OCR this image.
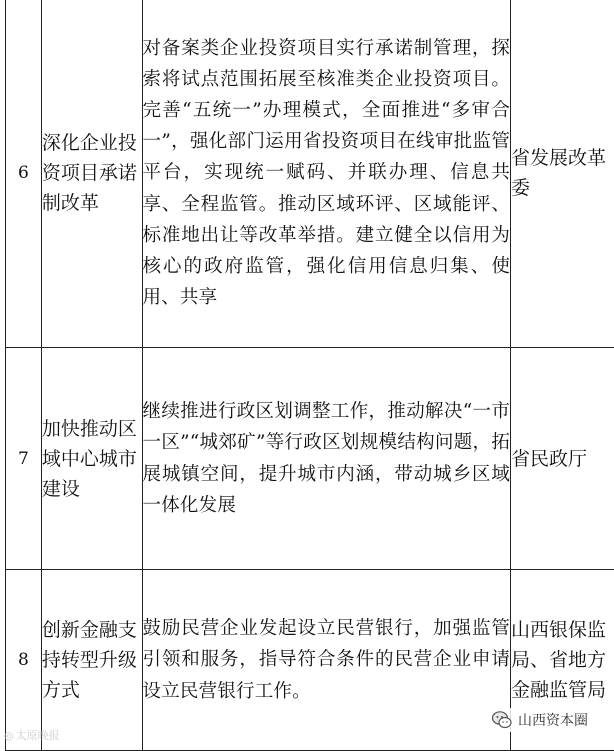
6	深化企业投资项目承诺制改革	对备案类企业投资项目实行承诺制管理，探索将试点范围拓展至核准类企业投资项目。完善“五统一”办理模式，全面推进“多审合一”，强化部门运用省投资项目在线审批监管平台，实现统一赋码、并联办理、信息共享、全程监管。推动区域环评、区域能评、标准地出让等改革举措。建立健全以信用为核心的政府监管，强化信用信息归集、使用、共享	省发展改革委
7	加快推动区域中心城市建设	继续推进行政区划调整工作，推动解决“一市一区”“城郊矿”等行政区划规模结构问题，拓展城镇空间，提升城市内涵，带动城乡区域一体化发展	省民政厅
8	创新金融支持转型升级方式	鼓励民营企业发起设立民营银行，加强监管引领和服务，指导符合条件的民营企业申请设立民营银行工作。	山西银保监局、省地方金融监管局
◎ 太原晚报
山西资本圈
